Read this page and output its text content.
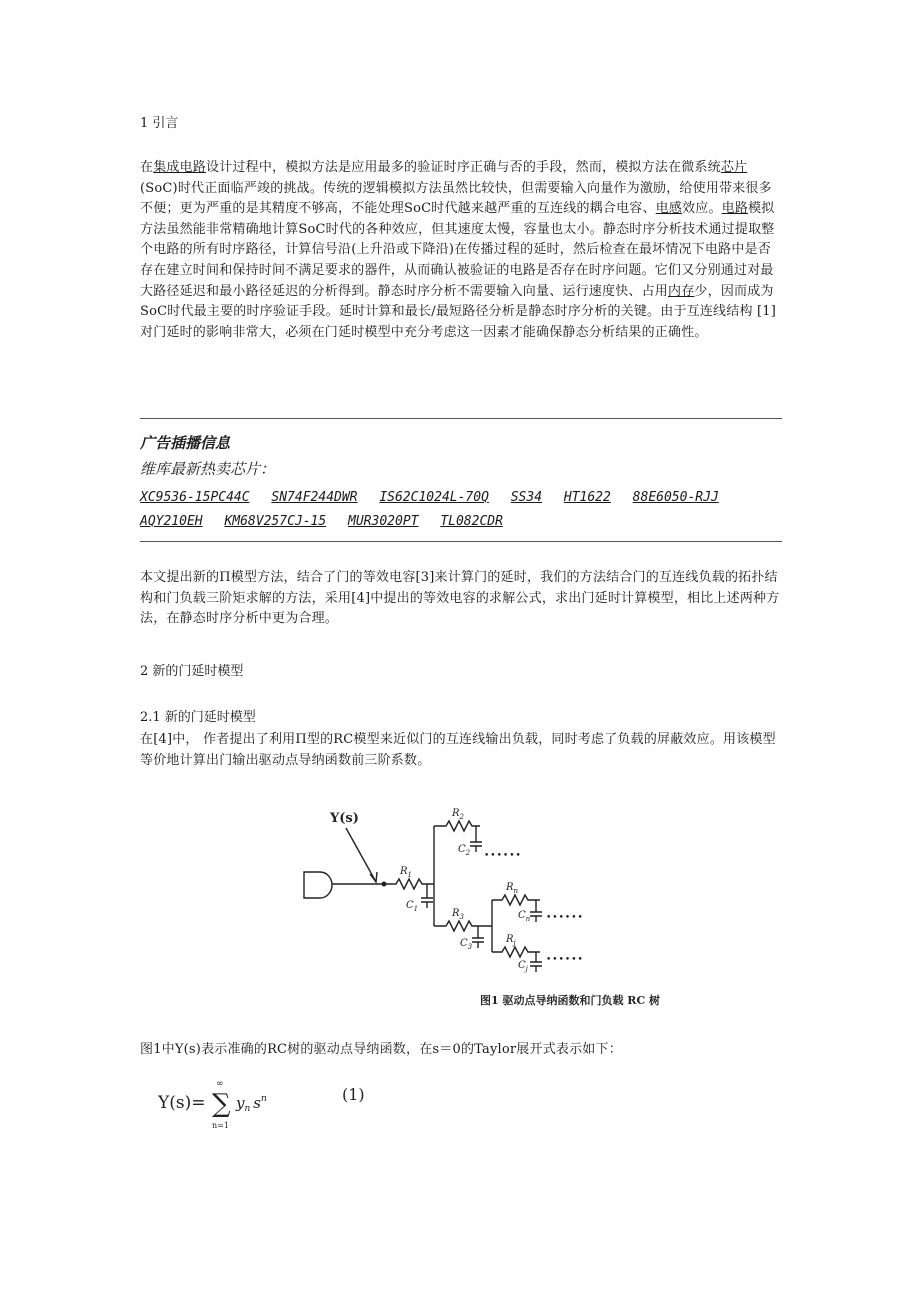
1 引言
在集成电路设计过程中，模拟方法是应用最多的验证时序正确与否的手段，然而，模拟方法在微系统芯片(SoC)时代正面临严竣的挑战。传统的逻辑模拟方法虽然比较快，但需要输入向量作为激励，给使用带来很多不便；更为严重的是其精度不够高，不能处理SoC时代越来越严重的互连线的耦合电容、电感效应。电路模拟方法虽然能非常精确地计算SoC时代的各种效应，但其速度太慢，容量也太小。静态时序分析技术通过提取整个电路的所有时序路径，计算信号沿(上升沿或下降沿)在传播过程的延时，然后检查在最坏情况下电路中是否存在建立时间和保持时间不满足要求的器件，从而确认被验证的电路是否存在时序问题。它们又分别通过对最大路径延迟和最小路径延迟的分析得到。静态时序分析不需要输入向量、运行速度快、占用内存少，因而成为SoC时代最主要的时序验证手段。延时计算和最长/最短路径分析是静态时序分析的关键。由于互连线结构 [1]对门延时的影响非常大，必须在门延时模型中充分考虑这一因素才能确保静态分析结果的正确性。
广告插播信息
维库最新热卖芯片：
XC9536-15PC44C SN74F244DWR IS62C1024L-70Q SS34 HT1622 88E6050-RJJ AQY210EH KM68V257CJ-15 MUR3020PT TL082CDR
本文提出新的Π模型方法，结合了门的等效电容[3]来计算门的延时，我们的方法结合门的互连线负载的拓扑结构和门负载三阶矩求解的方法，采用[4]中提出的等效电容的求解公式，求出门延时计算模型，相比上述两种方法，在静态时序分析中更为合理。
2 新的门延时模型
2.1 新的门延时模型
在[4]中， 作者提出了利用Π型的RC模型来近似门的互连线输出负载，同时考虑了负载的屏蔽效应。用该模型等价地计算出门输出驱动点导纳函数前三阶系数。
Y(s)
$R_1$
$C_1$
$R_2$
$C_2$ ••••••
$R_3$
$C_3$
$R_n$
$C_n$ ••••••
$R_j$
$C_j$
••••••
图1 驱动点导纳函数和门负载 RC 树
图1中Y(s)表示准确的RC树的驱动点导纳函数，在s＝0的Taylor展开式表示如下：
Y(s)= ∑
∞
n=1
$y_n$ $s^n$	(1)
